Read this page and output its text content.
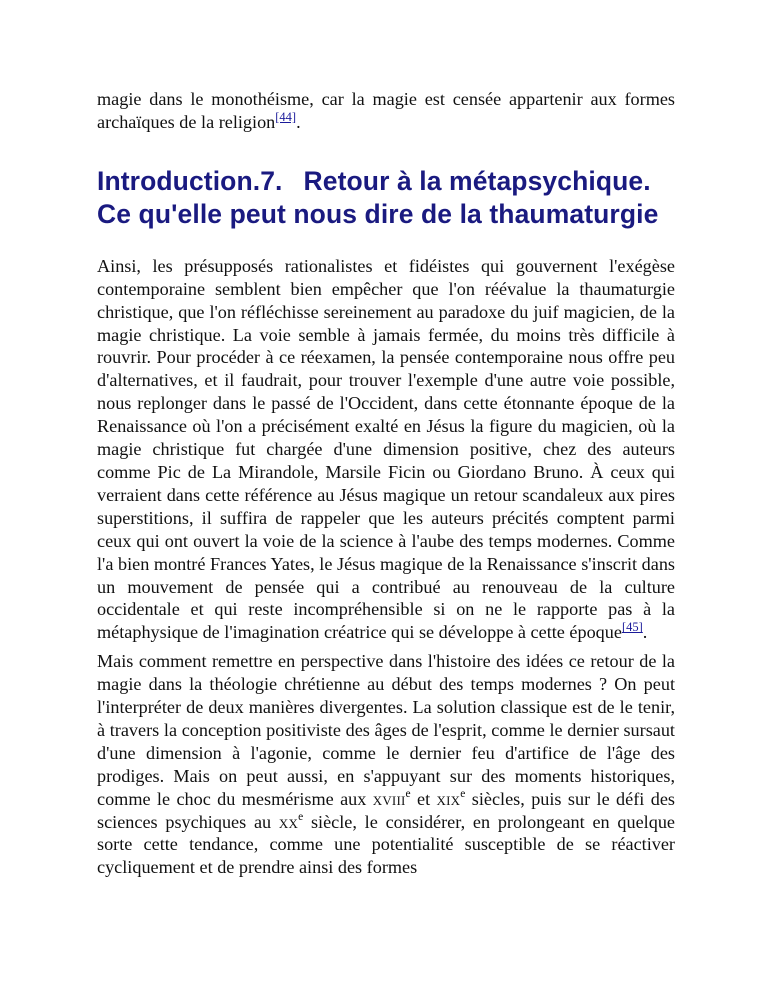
magie dans le monothéisme, car la magie est censée appartenir aux formes archaïques de la religion[44].

Introduction.7. Retour à la métapsychique.
Ce qu'elle peut nous dire de la thaumaturgie

Ainsi, les présupposés rationalistes et fidéistes qui gouvernent l'exégèse contemporaine semblent bien empêcher que l'on réévalue la thaumaturgie christique, que l'on réfléchisse sereinement au paradoxe du juif magicien, de la magie christique. La voie semble à jamais fermée, du moins très difficile à rouvrir. Pour procéder à ce réexamen, la pensée contemporaine nous offre peu d'alternatives, et il faudrait, pour trouver l'exemple d'une autre voie possible, nous replonger dans le passé de l'Occident, dans cette étonnante époque de la Renaissance où l'on a précisément exalté en Jésus la figure du magicien, où la magie christique fut chargée d'une dimension positive, chez des auteurs comme Pic de La Mirandole, Marsile Ficin ou Giordano Bruno. À ceux qui verraient dans cette référence au Jésus magique un retour scandaleux aux pires superstitions, il suffira de rappeler que les auteurs précités comptent parmi ceux qui ont ouvert la voie de la science à l'aube des temps modernes. Comme l'a bien montré Frances Yates, le Jésus magique de la Renaissance s'inscrit dans un mouvement de pensée qui a contribué au renouveau de la culture occidentale et qui reste incompréhensible si on ne le rapporte pas à la métaphysique de l'imagination créatrice qui se développe à cette époque[45].

Mais comment remettre en perspective dans l'histoire des idées ce retour de la magie dans la théologie chrétienne au début des temps modernes ? On peut l'interpréter de deux manières divergentes. La solution classique est de le tenir, à travers la conception positiviste des âges de l'esprit, comme le dernier sursaut d'une dimension à l'agonie, comme le dernier feu d'artifice de l'âge des prodiges. Mais on peut aussi, en s'appuyant sur des moments historiques, comme le choc du mesmérisme aux xviii$^e$ et xix$^e$ siècles, puis sur le défi des sciences psychiques au $xx^e$ siècle, le considérer, en prolongeant en quelque sorte cette tendance, comme une potentialité susceptible de se réactiver cycliquement et de prendre ainsi des formes
